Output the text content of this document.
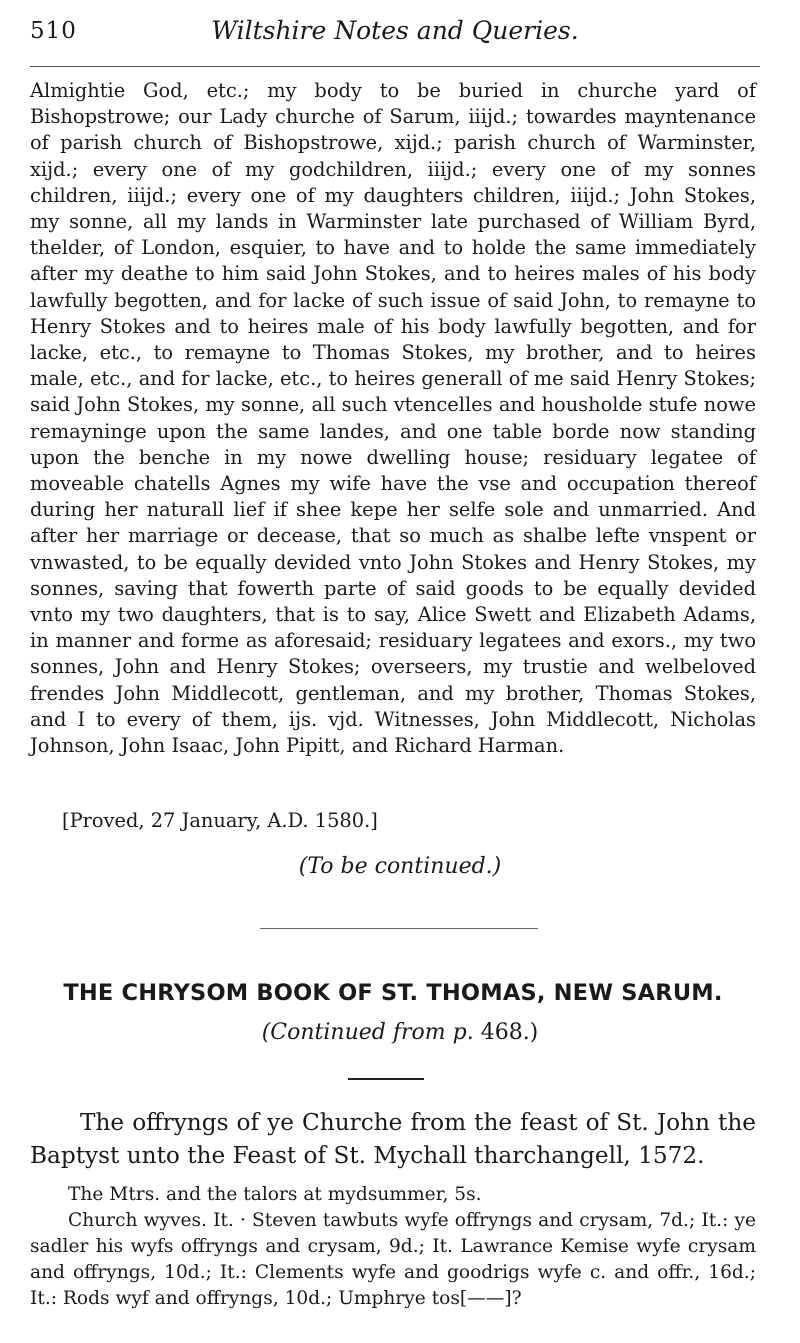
510	Wiltshire Notes and Queries.

Almightie God, etc.; my body to be buried in churche yard of Bishopstrowe; our Lady churche of Sarum, iiijd.; towardes mayntenance of parish church of Bishopstrowe, xijd.; parish church of Warminster, xijd.; every one of my godchildren, iiijd.; every one of my sonnes children, iiijd.; every one of my daughters children, iiijd.; John Stokes, my sonne, all my lands in Warminster late purchased of William Byrd, thelder, of London, esquier, to have and to holde the same immediately after my deathe to him said John Stokes, and to heires males of his body lawfully begotten, and for lacke of such issue of said John, to remayne to Henry Stokes and to heires male of his body lawfully begotten, and for lacke, etc., to remayne to Thomas Stokes, my brother, and to heires male, etc., and for lacke, etc., to heires generall of me said Henry Stokes; said John Stokes, my sonne, all such vtencelles and housholde stufe nowe remayninge upon the same landes, and one table borde now standing upon the benche in my nowe dwelling house; residuary legatee of moveable chatells Agnes my wife have the vse and occupation thereof during her naturall lief if shee kepe her selfe sole and unmarried. And after her marriage or decease, that so much as shalbe lefte vnspent or vnwasted, to be equally devided vnto John Stokes and Henry Stokes, my sonnes, saving that fowerth parte of said goods to be equally devided vnto my two daughters, that is to say, Alice Swett and Elizabeth Adams, in manner and forme as aforesaid; residuary legatees and exors., my two sonnes, John and Henry Stokes; overseers, my trustie and welbeloved frendes John Middlecott, gentleman, and my brother, Thomas Stokes, and I to every of them, ijs. vjd. Witnesses, John Middlecott, Nicholas Johnson, John Isaac, John Pipitt, and Richard Harman.

[Proved, 27 January, A.D. 1580.]
(To be continued.)
THE CHRYSOM BOOK OF ST. THOMAS, NEW SARUM.
(Continued from p. 468.)

The offryngs of ye Churche from the feast of St. John the Baptyst unto the Feast of St. Mychall tharchangell, 1572.

The Mtrs. and the talors at mydsummer, 5s.

Church wyves. It. · Steven tawbuts wyfe offryngs and crysam, 7d.; It.: ye sadler his wyfs offryngs and crysam, 9d.; It. Lawrance Kemise wyfe crysam and offryngs, 10d.; It.: Clements wyfe and goodrigs wyfe c. and offr., 16d.; It.: Rods wyf and offryngs, 10d.; Umphrye tos[——]?
